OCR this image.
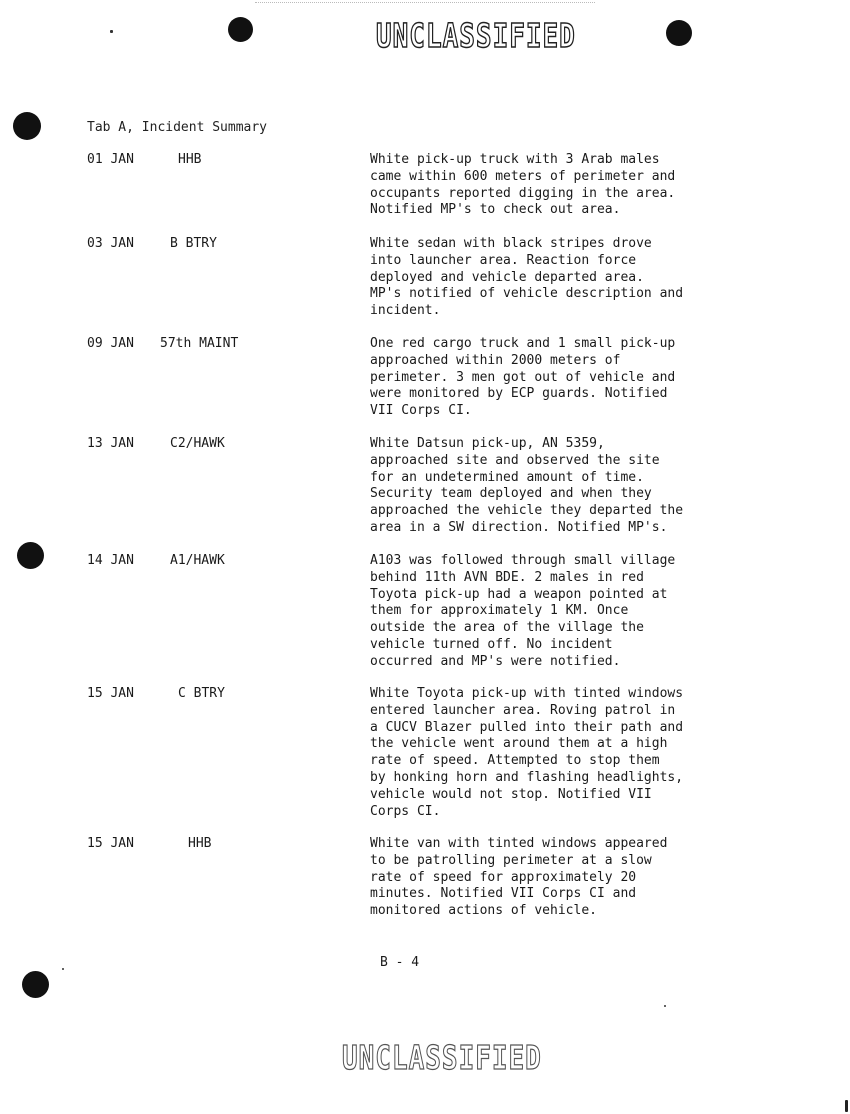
UNCLASSIFIED
UNCLASSIFIED
Tab A, Incident Summary
01 JAN	HHB	White pick-up truck with 3 Arab males
came within 600 meters of perimeter and
occupants reported digging in the area.
Notified MP's to check out area.
03 JAN	B BTRY	White sedan with black stripes drove
into launcher area. Reaction force
deployed and vehicle departed area.
MP's notified of vehicle description and
incident.
09 JAN 57th MAINT	One red cargo truck and 1 small pick-up
approached within 2000 meters of
perimeter. 3 men got out of vehicle and
were monitored by ECP guards. Notified
VII Corps CI.
13 JAN	C2/HAWK	White Datsun pick-up, AN 5359,
approached site and observed the site
for an undetermined amount of time.
Security team deployed and when they
approached the vehicle they departed the
area in a SW direction. Notified MP's.
14 JAN	A1/HAWK	A103 was followed through small village
behind 11th AVN BDE. 2 males in red
Toyota pick-up had a weapon pointed at
them for approximately 1 KM. Once
outside the area of the village the
vehicle turned off. No incident
occurred and MP's were notified.
15 JAN	C BTRY	White Toyota pick-up with tinted windows
entered launcher area. Roving patrol in
a CUCV Blazer pulled into their path and
the vehicle went around them at a high
rate of speed. Attempted to stop them
by honking horn and flashing headlights,
vehicle would not stop. Notified VII
Corps CI.
15 JAN	HHB	White van with tinted windows appeared
to be patrolling perimeter at a slow
rate of speed for approximately 20
minutes. Notified VII Corps CI and
monitored actions of vehicle.
B - 4
